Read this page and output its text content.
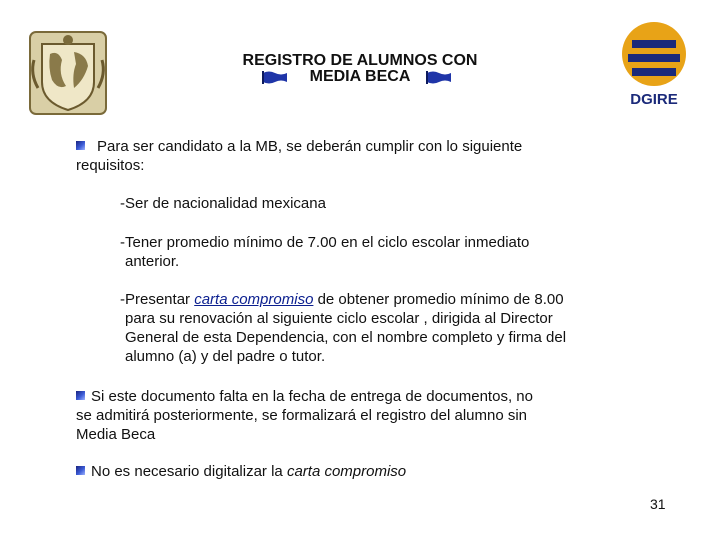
DGIRE
REGISTRO DE ALUMNOS CON
MEDIA BECA
Para ser candidato a la MB, se deberán cumplir con lo siguiente
requisitos:
-Ser de nacionalidad mexicana
-Tener promedio mínimo de 7.00 en el ciclo escolar inmediato
anterior.
-Presentar carta compromiso de obtener promedio mínimo de 8.00
para su renovación al siguiente ciclo escolar , dirigida al Director
General de esta Dependencia, con el nombre completo y firma del
alumno (a) y del padre o tutor.
Si este documento falta en la fecha de entrega de documentos, no
se admitirá posteriormente, se formalizará el registro del alumno sin
Media Beca
No es necesario digitalizar la carta compromiso
31
